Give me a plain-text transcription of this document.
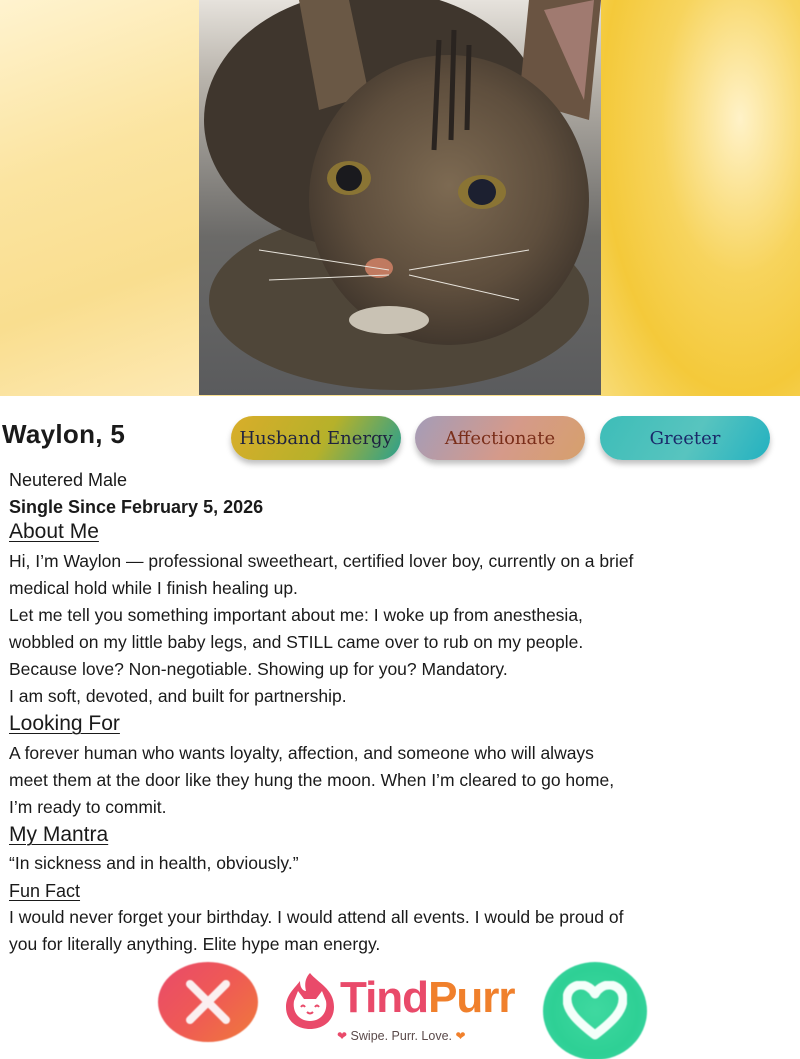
Waylon, 5	Husband Energy	Affectionate	Greeter
Neutered Male
Single Since February 5, 2026
About Me
Hi, I’m Waylon — professional sweetheart, certified lover boy, currently on a brief
medical hold while I finish healing up.
Let me tell you something important about me: I woke up from anesthesia,
wobbled on my little baby legs, and STILL came over to rub on my people.
Because love? Non-negotiable. Showing up for you? Mandatory.
I am soft, devoted, and built for partnership.
Looking For
A forever human who wants loyalty, affection, and someone who will always
meet them at the door like they hung the moon. When I’m cleared to go home,
I’m ready to commit.
My Mantra
“In sickness and in health, obviously.”
Fun Fact
I would never forget your birthday. I would attend all events. I would be proud of
you for literally anything. Elite hype man energy.
TindPurr
❤ Swipe. Purr. Love. ❤
